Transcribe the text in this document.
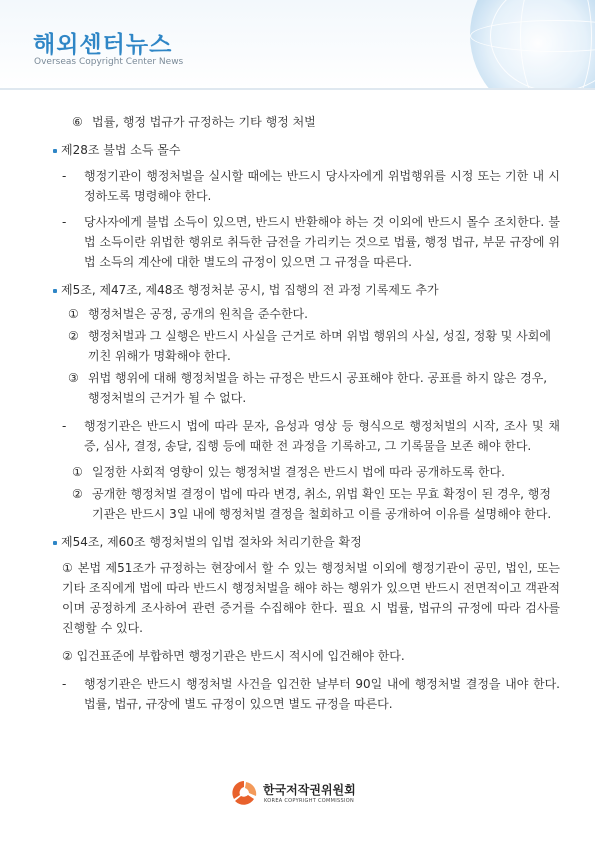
해외센터뉴스
Overseas Copyright Center News
⑥ 법률, 행정 법규가 규정하는 기타 행정 처벌
제28조 불법 소득 몰수
- 행정기관이 행정처벌을 실시할 때에는 반드시 당사자에게 위법행위를 시정 또는 기한 내 시정하도록 명령해야 한다.
- 당사자에게 불법 소득이 있으면, 반드시 반환해야 하는 것 이외에 반드시 몰수 조치한다. 불법 소득이란 위법한 행위로 취득한 금전을 가리키는 것으로 법률, 행정 법규, 부문 규장에 위법 소득의 계산에 대한 별도의 규정이 있으면 그 규정을 따른다.
제5조, 제47조, 제48조 행정처분 공시, 법 집행의 전 과정 기록제도 추가
① 행정처벌은 공정, 공개의 원칙을 준수한다.
② 행정처벌과 그 실행은 반드시 사실을 근거로 하며 위법 행위의 사실, 성질, 정황 및 사회에 끼친 위해가 명확해야 한다.
③ 위법 행위에 대해 행정처벌을 하는 규정은 반드시 공표해야 한다. 공표를 하지 않은 경우, 행정처벌의 근거가 될 수 없다.
- 행정기관은 반드시 법에 따라 문자, 음성과 영상 등 형식으로 행정처벌의 시작, 조사 및 채증, 심사, 결정, 송달, 집행 등에 때한 전 과정을 기록하고, 그 기록물을 보존 해야 한다.
① 일정한 사회적 영향이 있는 행정처벌 결정은 반드시 법에 따라 공개하도록 한다.
② 공개한 행정처벌 결정이 법에 따라 변경, 취소, 위법 확인 또는 무효 확정이 된 경우, 행정기관은 반드시 3일 내에 행정처벌 결정을 철회하고 이를 공개하여 이유를 설명해야 한다.
제54조, 제60조 행정처벌의 입법 절차와 처리기한을 확정
① 본법 제51조가 규정하는 현장에서 할 수 있는 행정처벌 이외에 행정기관이 공민, 법인, 또는 기타 조직에게 법에 따라 반드시 행정처벌을 해야 하는 행위가 있으면 반드시 전면적이고 객관적이며 공정하게 조사하여 관련 증거를 수집해야 한다. 필요 시 법률, 법규의 규정에 따라 검사를 진행할 수 있다.
② 입건표준에 부합하면 행정기관은 반드시 적시에 입건해야 한다.
- 행정기관은 반드시 행정처벌 사건을 입건한 날부터 90일 내에 행정처벌 결정을 내야 한다. 법률, 법규, 규장에 별도 규정이 있으면 별도 규정을 따른다.
한국저작권위원회
KOREA COPYRIGHT COMMISSION
